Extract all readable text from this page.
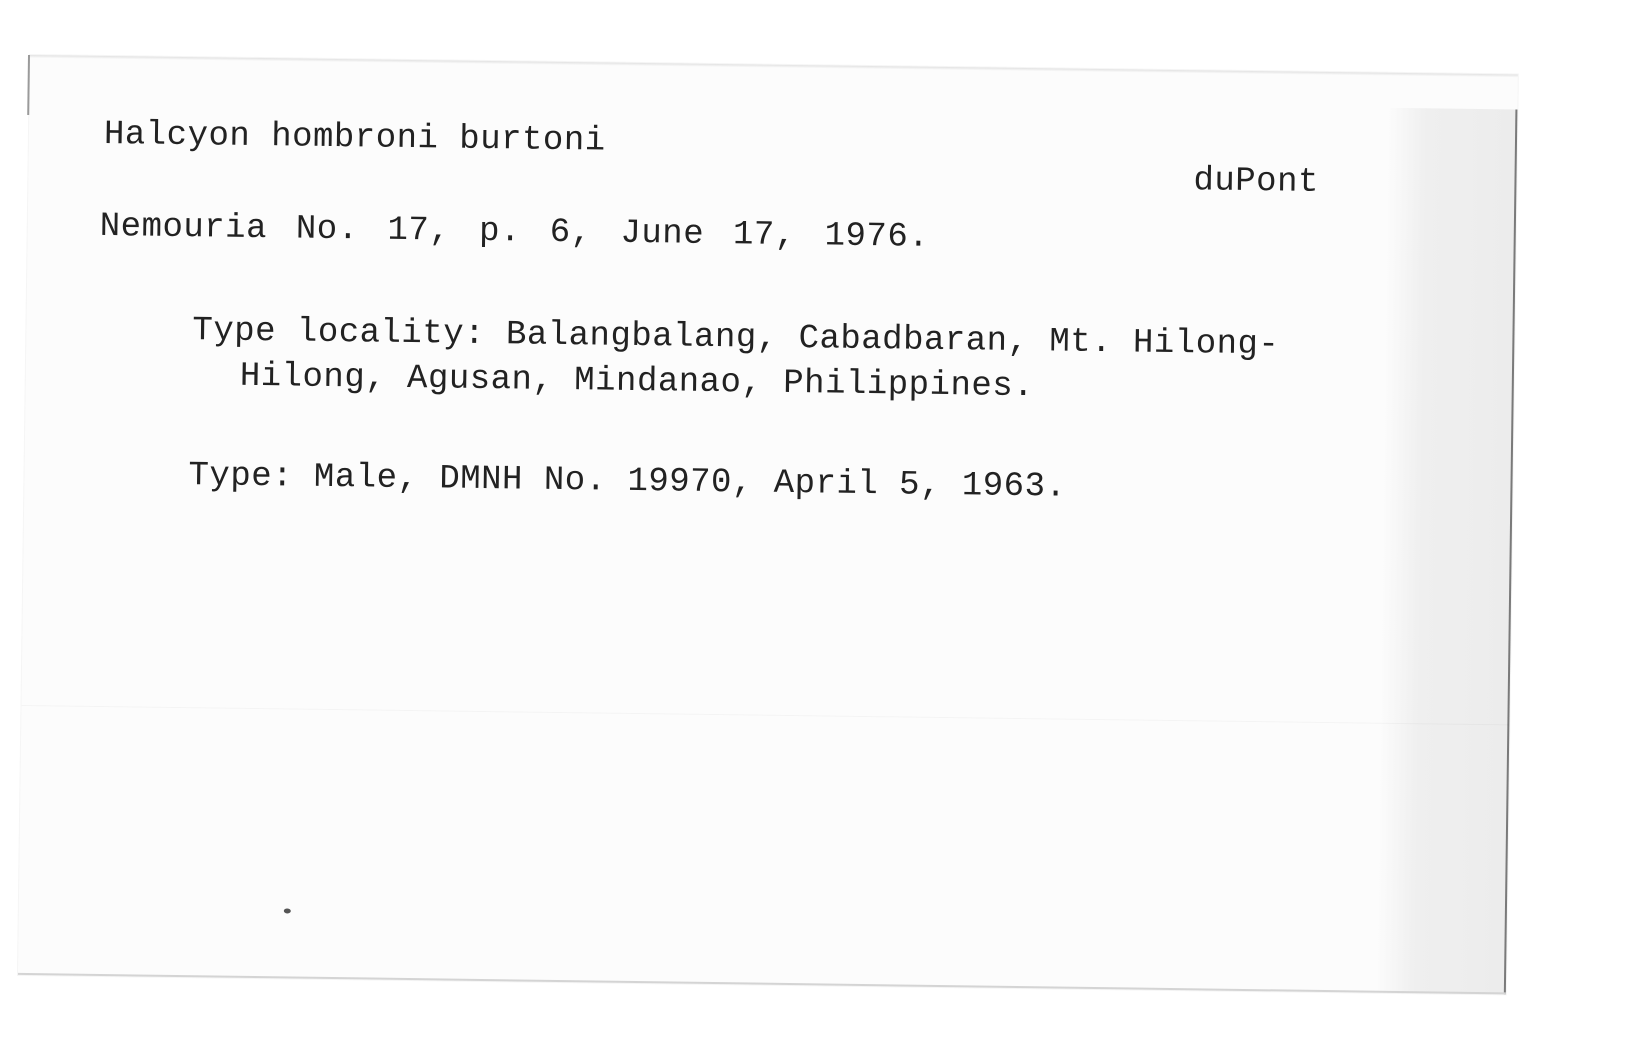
Halcyon hombroni burtoni

duPont

Nemouria No. 17, p. 6, June 17, 1976.

Type locality: Balangbalang, Cabadbaran, Mt. Hilong-

Hilong, Agusan, Mindanao, Philippines.

Type: Male, DMNH No. 19970, April 5, 1963.
